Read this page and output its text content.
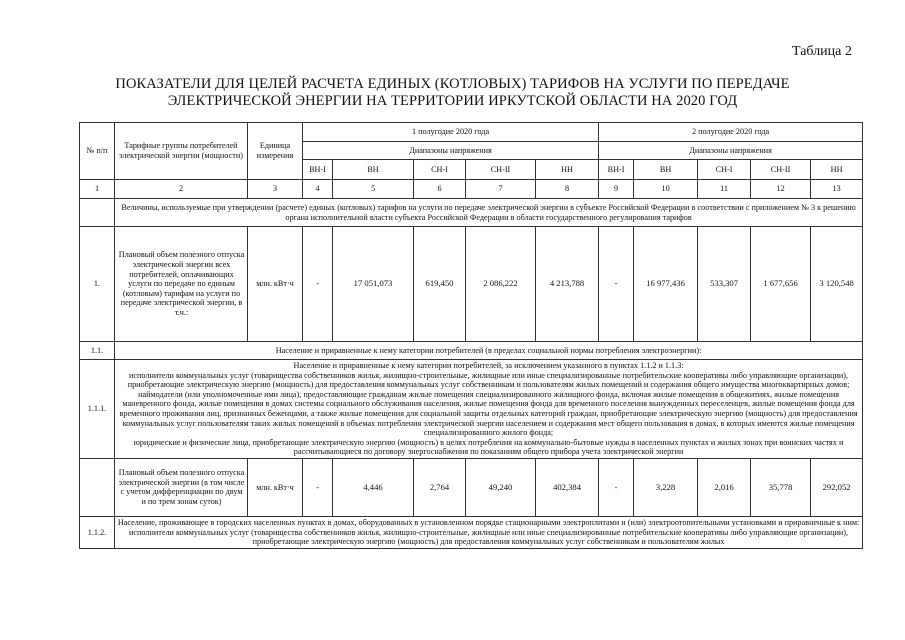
Таблица 2
ПОКАЗАТЕЛИ ДЛЯ ЦЕЛЕЙ РАСЧЕТА ЕДИНЫХ (КОТЛОВЫХ) ТАРИФОВ НА УСЛУГИ ПО ПЕРЕДАЧЕ
ЭЛЕКТРИЧЕСКОЙ ЭНЕРГИИ НА ТЕРРИТОРИИ ИРКУТСКОЙ ОБЛАСТИ НА 2020 ГОД
№ п/п	Тарифные группы потребителей электрической энергии (мощности)	Единица измерения	1 полугодие 2020 года					2 полугодие 2020 года				
			Диапазоны напряжения					Диапазоны напряжения				
			ВН-I	ВН	СН-I	СН-II	НН	ВН-I	ВН	СН-I	СН-II	НН
1	2	3	4	5	6	7	8	9	10	11	12	13
	Величины, используемые при утверждении (расчете) единых (котловых) тарифов на услуги по передаче электрической энергии в субъекте Российской Федерации в соответствии с приложением № 3 к решению органа исполнительной власти субъекта Российской Федерации в области государственного регулирования тарифов											
1.	Плановый объем полезного отпуска электрической энергии всех потребителей, оплачивающих услуги по передаче по единым (котловым) тарифам на услуги по передаче электрической энергии, в т.ч.:	млн. кВт·ч	-	17 051,073	619,450	2 086,222	4 213,788	-	16 977,436	533,307	1 677,656	3 120,548
1.1.	Население и приравненные к нему категории потребителей (в пределах социальной нормы потребления электроэнергии):											
1.1.1.	Население и приравненные к нему категории потребителей, за исключением указанного в пунктах 1.1.2 и 1.1.3:
исполнители коммунальных услуг (товарищества собственников жилья, жилищно-строительные, жилищные или иные специализированные потребительские кооперативы либо управляющие организации), приобретающие электрическую энергию (мощность) для предоставления коммунальных услуг собственникам и пользователям жилых помещений и содержания общего имущества многоквартирных домов; наймодатели (или уполномоченные ими лица), предоставляющие гражданам жилые помещения специализированного жилищного фонда, включая жилые помещения в общежитиях, жилые помещения маневренного фонда, жилые помещения в домах системы социального обслуживания населения, жилые помещения фонда для временного поселения вынужденных переселенцев, жилые помещения фонда для временного проживания лиц, признанных беженцами, а также жилые помещения для социальной защиты отдельных категорий граждан, приобретающие электрическую энергию (мощность) для предоставления коммунальных услуг пользователям таких жилых помещений в объемах потребления электрической энергии населением и содержания мест общего пользования в домах, в которых имеются жилые помещения специализированного жилого фонда;
юридические и физические лица, приобретающие электрическую энергию (мощность) в целях потребления на коммунально-бытовые нужды в населенных пунктах и жилых зонах при воинских частях и рассчитывающиеся по договору энергоснабжения по показаниям общего прибора учета электрической энергии											
	Плановый объем полезного отпуска электрической энергии (в том числе с учетом дифференциации по двум и по трем зонам суток)	млн. кВт·ч	-	4,446	2,764	49,240	402,384	-	3,228	2,016	35,778	292,052
1.1.2.	Население, проживающее в городских населенных пунктах в домах, оборудованных в установленном порядке стационарными электроплитами и (или) электроотопительными установками и приравненные к ним:
исполнители коммунальных услуг (товарищества собственников жилья, жилищно-строительные, жилищные или иные специализированные потребительские кооперативы либо управляющие организации), приобретающие электрическую энергию (мощность) для предоставления коммунальных услуг собственникам и пользователям жилых											
